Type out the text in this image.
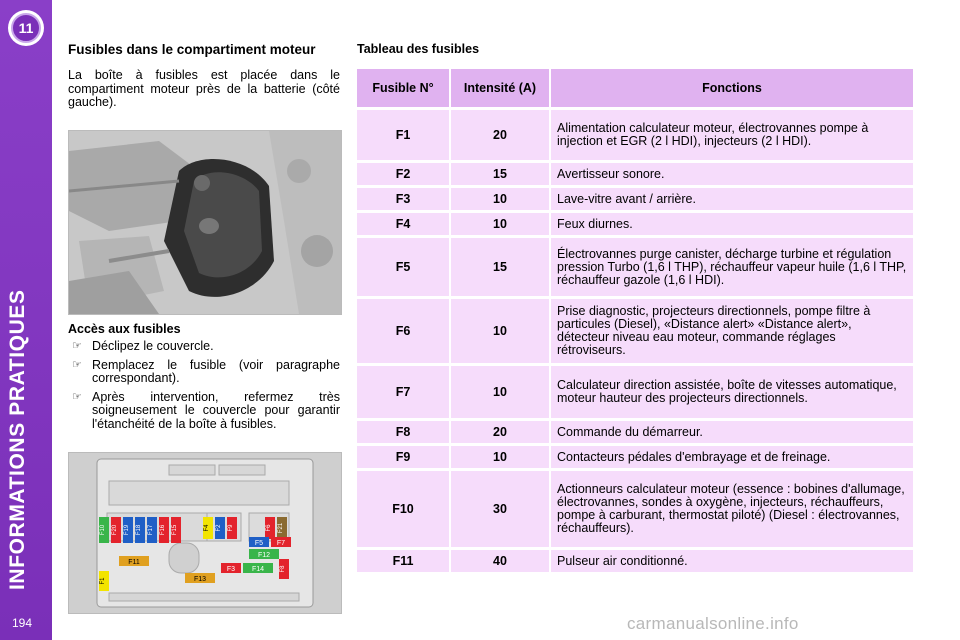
11
INFORMATIONS PRATIQUES
194
Fusibles dans le compartiment moteur

La boîte à fusibles est placée dans le compartiment moteur près de la batterie (côté gauche).

Accès aux fusibles
☞ Déclipez le couvercle.
☞ Remplacez le fusible (voir paragraphe correspondant).
☞ Après intervention, refermez très soigneusement le couvercle pour garantir l'étanchéité de la boîte à fusibles.
F10 F20 F19 F18 F17 F16 F15	F4 F2 F9	F6 F21
F5 F7
F12
F11
F3 F14
F1	F13
F8
Tableau des fusibles
Fusible N°	Intensité (A)	Fonctions
F1	20	Alimentation calculateur moteur, électrovannes pompe à injection et EGR (2 l HDI), injecteurs (2 l HDI).
F2	15	Avertisseur sonore.
F3	10	Lave-vitre avant / arrière.
F4	10	Feux diurnes.
F5	15	Électrovannes purge canister, décharge turbine et régulation pression Turbo (1,6 l THP), réchauffeur vapeur huile (1,6 l THP, réchauffeur gazole (1,6 l HDI).
F6	10	Prise diagnostic, projecteurs directionnels, pompe filtre à particules (Diesel), «Distance alert» «Distance alert», détecteur niveau eau moteur, commande réglages rétroviseurs.
F7	10	Calculateur direction assistée, boîte de vitesses automatique, moteur hauteur des projecteurs directionnels.
F8	20	Commande du démarreur.
F9	10	Contacteurs pédales d'embrayage et de freinage.
F10	30	Actionneurs calculateur moteur (essence : bobines d'allumage, électrovannes, sondes à oxygène, injecteurs, réchauffeurs, pompe à carburant, thermostat piloté) (Diesel : électrovannes, réchauffeurs).
F11	40	Pulseur air conditionné.
carmanualsonline.info
